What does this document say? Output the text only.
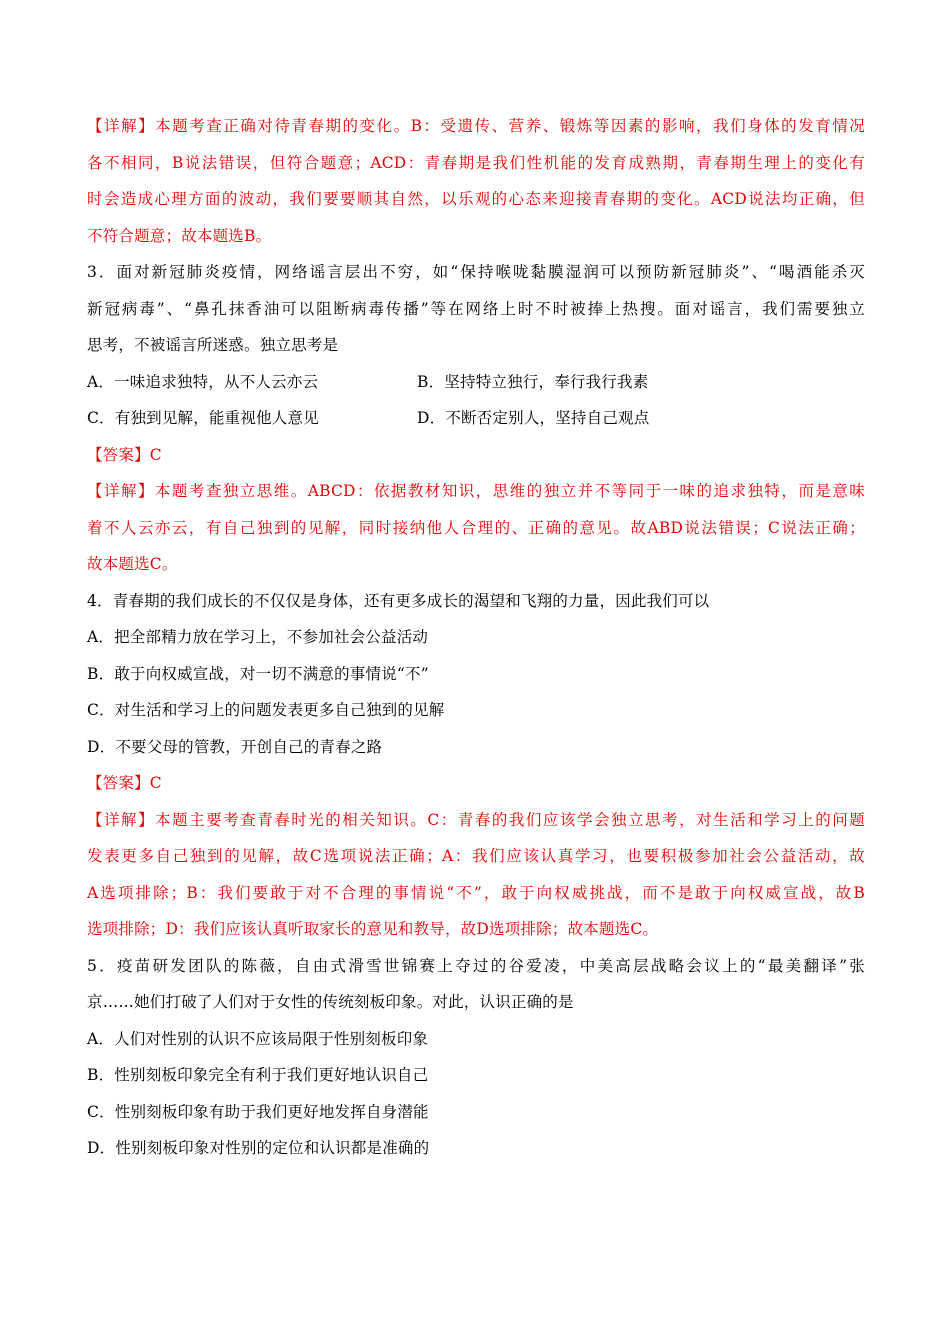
【详解】本题考查正确对待青春期的变化。B：受遗传、营养、锻炼等因素的影响，我们身体的发育情况
各不相同，B说法错误，但符合题意；ACD：青春期是我们性机能的发育成熟期，青春期生理上的变化有
时会造成心理方面的波动，我们要要顺其自然，以乐观的心态来迎接青春期的变化。ACD说法均正确，但
不符合题意；故本题选B。
3．面对新冠肺炎疫情，网络谣言层出不穷，如“保持喉咙黏膜湿润可以预防新冠肺炎”、“喝酒能杀灭
新冠病毒”、“鼻孔抹香油可以阻断病毒传播”等在网络上时不时被捧上热搜。面对谣言，我们需要独立
思考，不被谣言所迷惑。独立思考是
A．一味追求独特，从不人云亦云	B．坚持特立独行，奉行我行我素
C．有独到见解，能重视他人意见	D．不断否定别人，坚持自己观点
【答案】C
【详解】本题考查独立思维。ABCD：依据教材知识，思维的独立并不等同于一味的追求独特，而是意味
着不人云亦云，有自己独到的见解，同时接纳他人合理的、正确的意见。故ABD说法错误；C说法正确；
故本题选C。
4．青春期的我们成长的不仅仅是身体，还有更多成长的渴望和飞翔的力量，因此我们可以
A．把全部精力放在学习上，不参加社会公益活动
B．敢于向权威宣战，对一切不满意的事情说“不”
C．对生活和学习上的问题发表更多自己独到的见解
D．不要父母的管教，开创自己的青春之路
【答案】C
【详解】本题主要考查青春时光的相关知识。C：青春的我们应该学会独立思考，对生活和学习上的问题
发表更多自己独到的见解，故C选项说法正确；A：我们应该认真学习，也要积极参加社会公益活动，故
A选项排除；B：我们要敢于对不合理的事情说“不”，敢于向权威挑战，而不是敢于向权威宣战，故B
选项排除；D：我们应该认真听取家长的意见和教导，故D选项排除；故本题选C。
5．疫苗研发团队的陈薇，自由式滑雪世锦赛上夺过的谷爱凌，中美高层战略会议上的“最美翻译”张
京……她们打破了人们对于女性的传统刻板印象。对此，认识正确的是
A．人们对性别的认识不应该局限于性别刻板印象
B．性别刻板印象完全有利于我们更好地认识自己
C．性别刻板印象有助于我们更好地发挥自身潜能
D．性别刻板印象对性别的定位和认识都是准确的
